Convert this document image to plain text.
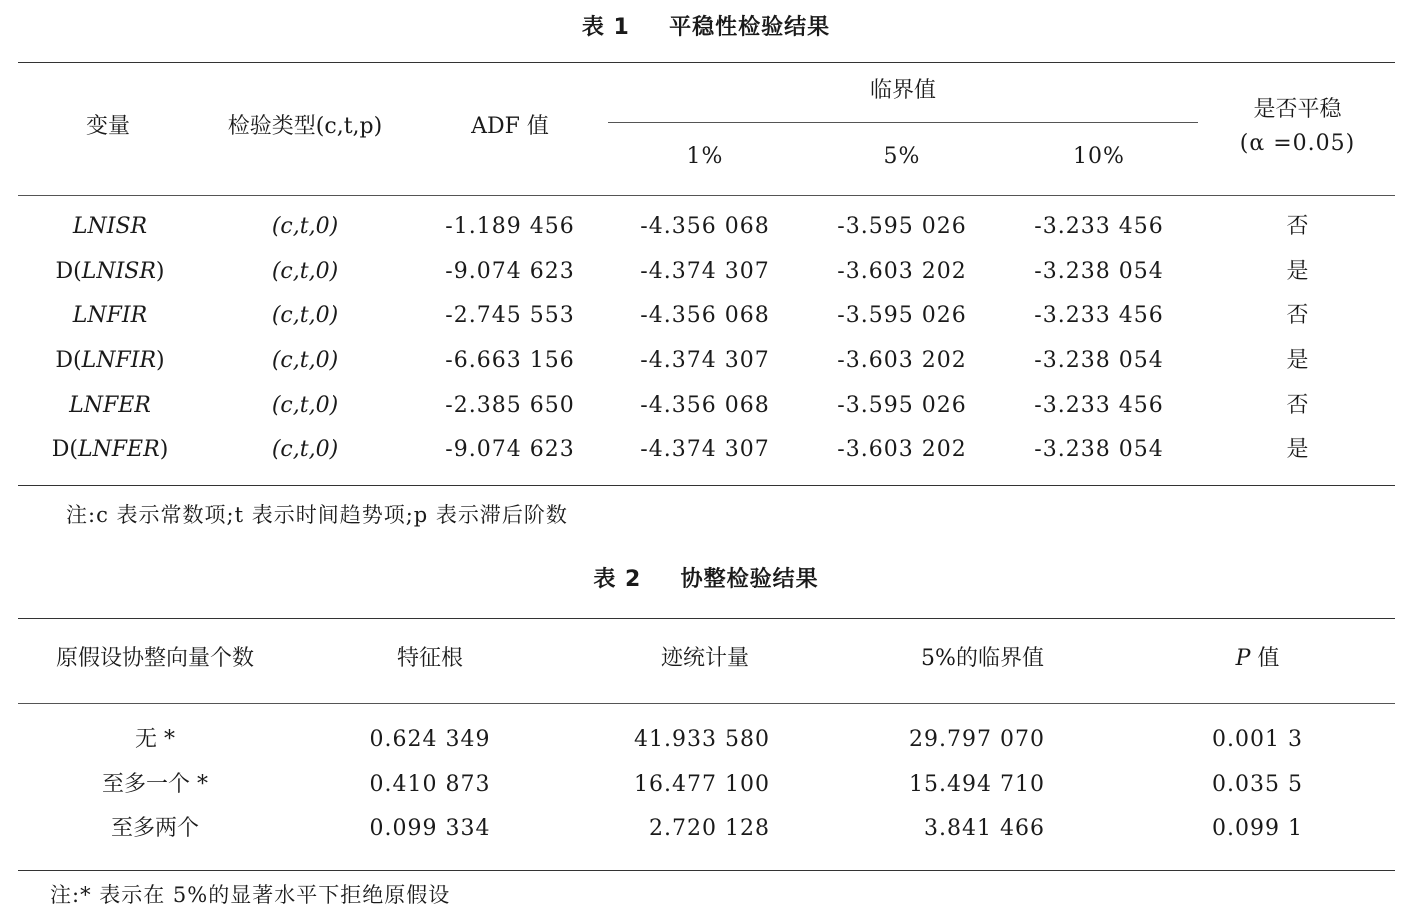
表 1 平稳性检验结果
变量	检验类型(c,t,p)	ADF 值
临界值
1%	5%	10%
是否平稳
(α =0.05)
LNISR	(c,t,0)	-1.189 456	-4.356 068	-3.595 026	-3.233 456	否
D(LNISR)	(c,t,0)	-9.074 623	-4.374 307	-3.603 202	-3.238 054	是
LNFIR	(c,t,0)	-2.745 553	-4.356 068	-3.595 026	-3.233 456	否
D(LNFIR)	(c,t,0)	-6.663 156	-4.374 307	-3.603 202	-3.238 054	是
LNFER	(c,t,0)	-2.385 650	-4.356 068	-3.595 026	-3.233 456	否
D(LNFER)	(c,t,0)	-9.074 623	-4.374 307	-3.603 202	-3.238 054	是
注:c 表示常数项;t 表示时间趋势项;p 表示滞后阶数
表 2 协整检验结果
原假设协整向量个数	特征根	迹统计量	5%的临界值	P 值
无 *	0.624 349	41.933 580	29.797 070	0.001 3
至多一个 *	0.410 873	16.477 100	15.494 710	0.035 5
至多两个	0.099 334	2.720 128	3.841 466	0.099 1
注:* 表示在 5%的显著水平下拒绝原假设
